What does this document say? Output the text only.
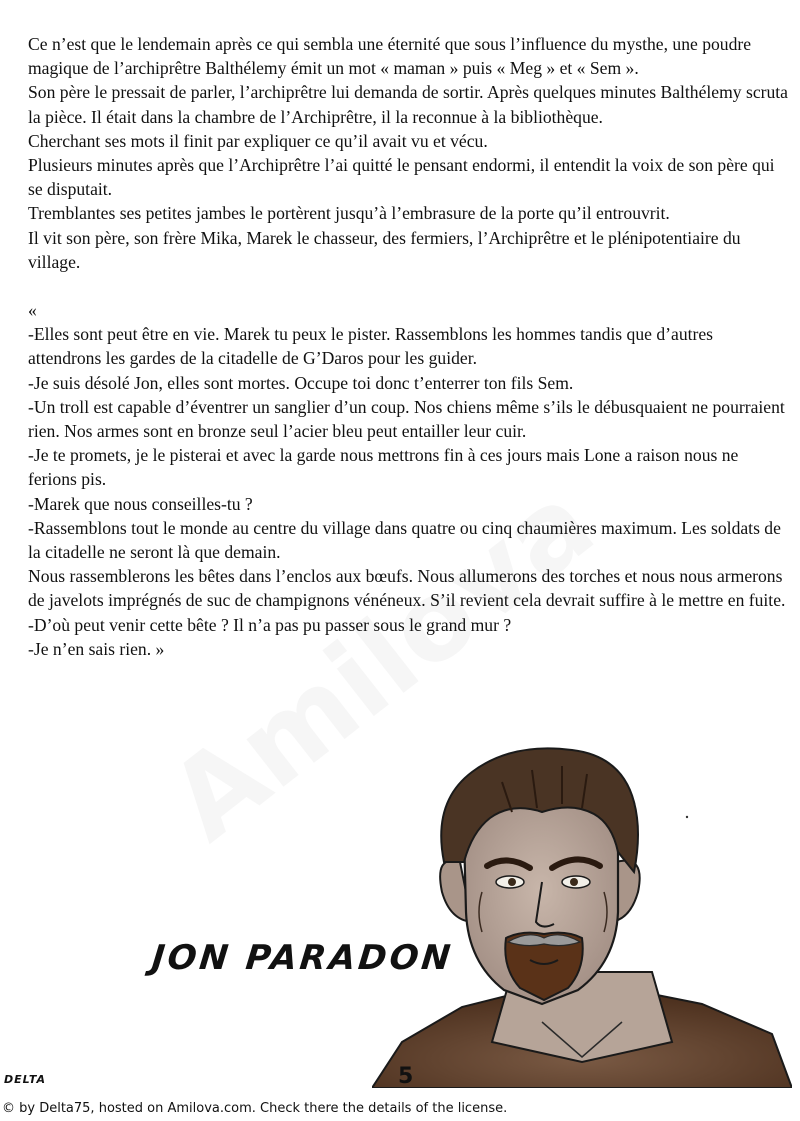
Ce n’est que le lendemain après ce qui sembla une éternité que sous l’influence du mysthe, une poudre magique de l’archiprêtre Balthélemy émit un mot « maman » puis « Meg » et « Sem ».

Son père le pressait de parler, l’archiprêtre lui demanda de sortir. Après quelques minutes Balthélemy scruta la pièce. Il était dans la chambre de l’Archiprêtre, il la reconnue à la bibliothèque.

Cherchant ses mots il finit par expliquer ce qu’il avait vu et vécu.

Plusieurs minutes après que l’Archiprêtre l’ai quitté le pensant endormi, il entendit la voix de son père qui se disputait.

Tremblantes ses petites jambes le portèrent jusqu’à l’embrasure de la porte qu’il entrouvrit.

Il vit son père, son frère Mika, Marek le chasseur, des fermiers, l’Archiprêtre et le plénipotentiaire du village.

«

-Elles sont peut être en vie. Marek tu peux le pister. Rassemblons les hommes tandis que d’autres attendrons les gardes de la citadelle de G’Daros pour les guider.

-Je suis désolé Jon, elles sont mortes. Occupe toi donc t’enterrer ton fils Sem.

-Un troll est capable d’éventrer un sanglier d’un coup. Nos chiens même s’ils le débusquaient ne pourraient rien. Nos armes sont en bronze seul l’acier bleu peut entailler leur cuir.

-Je te promets, je le pisterai et avec la garde nous mettrons fin à ces jours mais Lone a raison nous ne ferions pis.

-Marek que nous conseilles-tu ?

-Rassemblons tout le monde au centre du village dans quatre ou cinq chaumières maximum. Les soldats de la citadelle ne seront là que demain.

Nous rassemblerons les bêtes dans l’enclos aux bœufs. Nous allumerons des torches et nous nous armerons de javelots imprégnés de suc de champignons vénéneux. S’il revient cela devrait suffire à le mettre en fuite.

-D’où peut venir cette bête ? Il n’a pas pu passer sous le grand mur ?

-Je n’en sais rien. »

JON PARADON
DELTA	5
© by Delta75, hosted on Amilova.com. Check there the details of the license.
